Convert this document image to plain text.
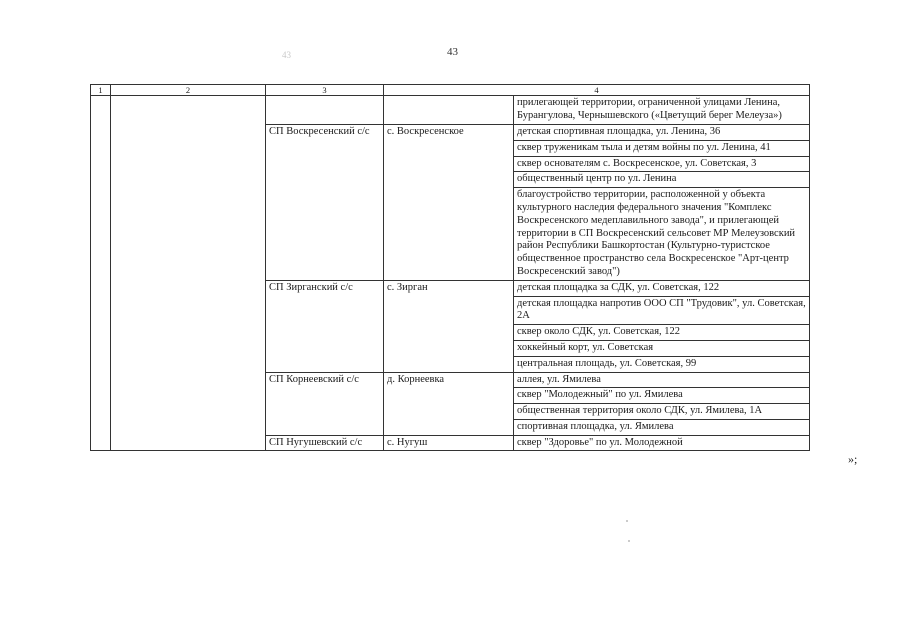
43
43
1	2	3	4	
				прилегающей территории, ограниченной улицами Ленина, Бурангулова, Чернышевского («Цветущий берег Мелеуза»)
		СП Воскресенский с/с	с. Воскресенское	детская спортивная площадка, ул. Ленина, 36
				сквер труженикам тыла и детям войны по ул. Ленина, 41
				сквер основателям с. Воскресенское, ул. Советская, 3
				общественный центр по ул. Ленина
				благоустройство территории, расположенной у объекта культурного наследия федерального значения "Комплекс Воскресенского медеплавильного завода", и прилегающей территории в СП Воскресенский сельсовет МР Мелеузовский район Республики Башкортостан (Культурно-туристское общественное пространство села Воскресенское "Арт-центр Воскресенский завод")
		СП Зирганский с/с	с. Зирган	детская площадка за СДК, ул. Советская, 122
				детская площадка напротив ООО СП "Трудовик", ул. Советская, 2А
				сквер около СДК, ул. Советская, 122
				хоккейный корт, ул. Советская
				центральная площадь, ул. Советская, 99
		СП Корнеевский с/с	д. Корнеевка	аллея, ул. Ямилева
				сквер "Молодежный" по ул. Ямилева
				общественная территория около СДК, ул. Ямилева, 1А
				спортивная площадка, ул. Ямилева
		СП Нугушевский с/с	с. Нугуш	сквер "Здоровье" по ул. Молодежной
»;
